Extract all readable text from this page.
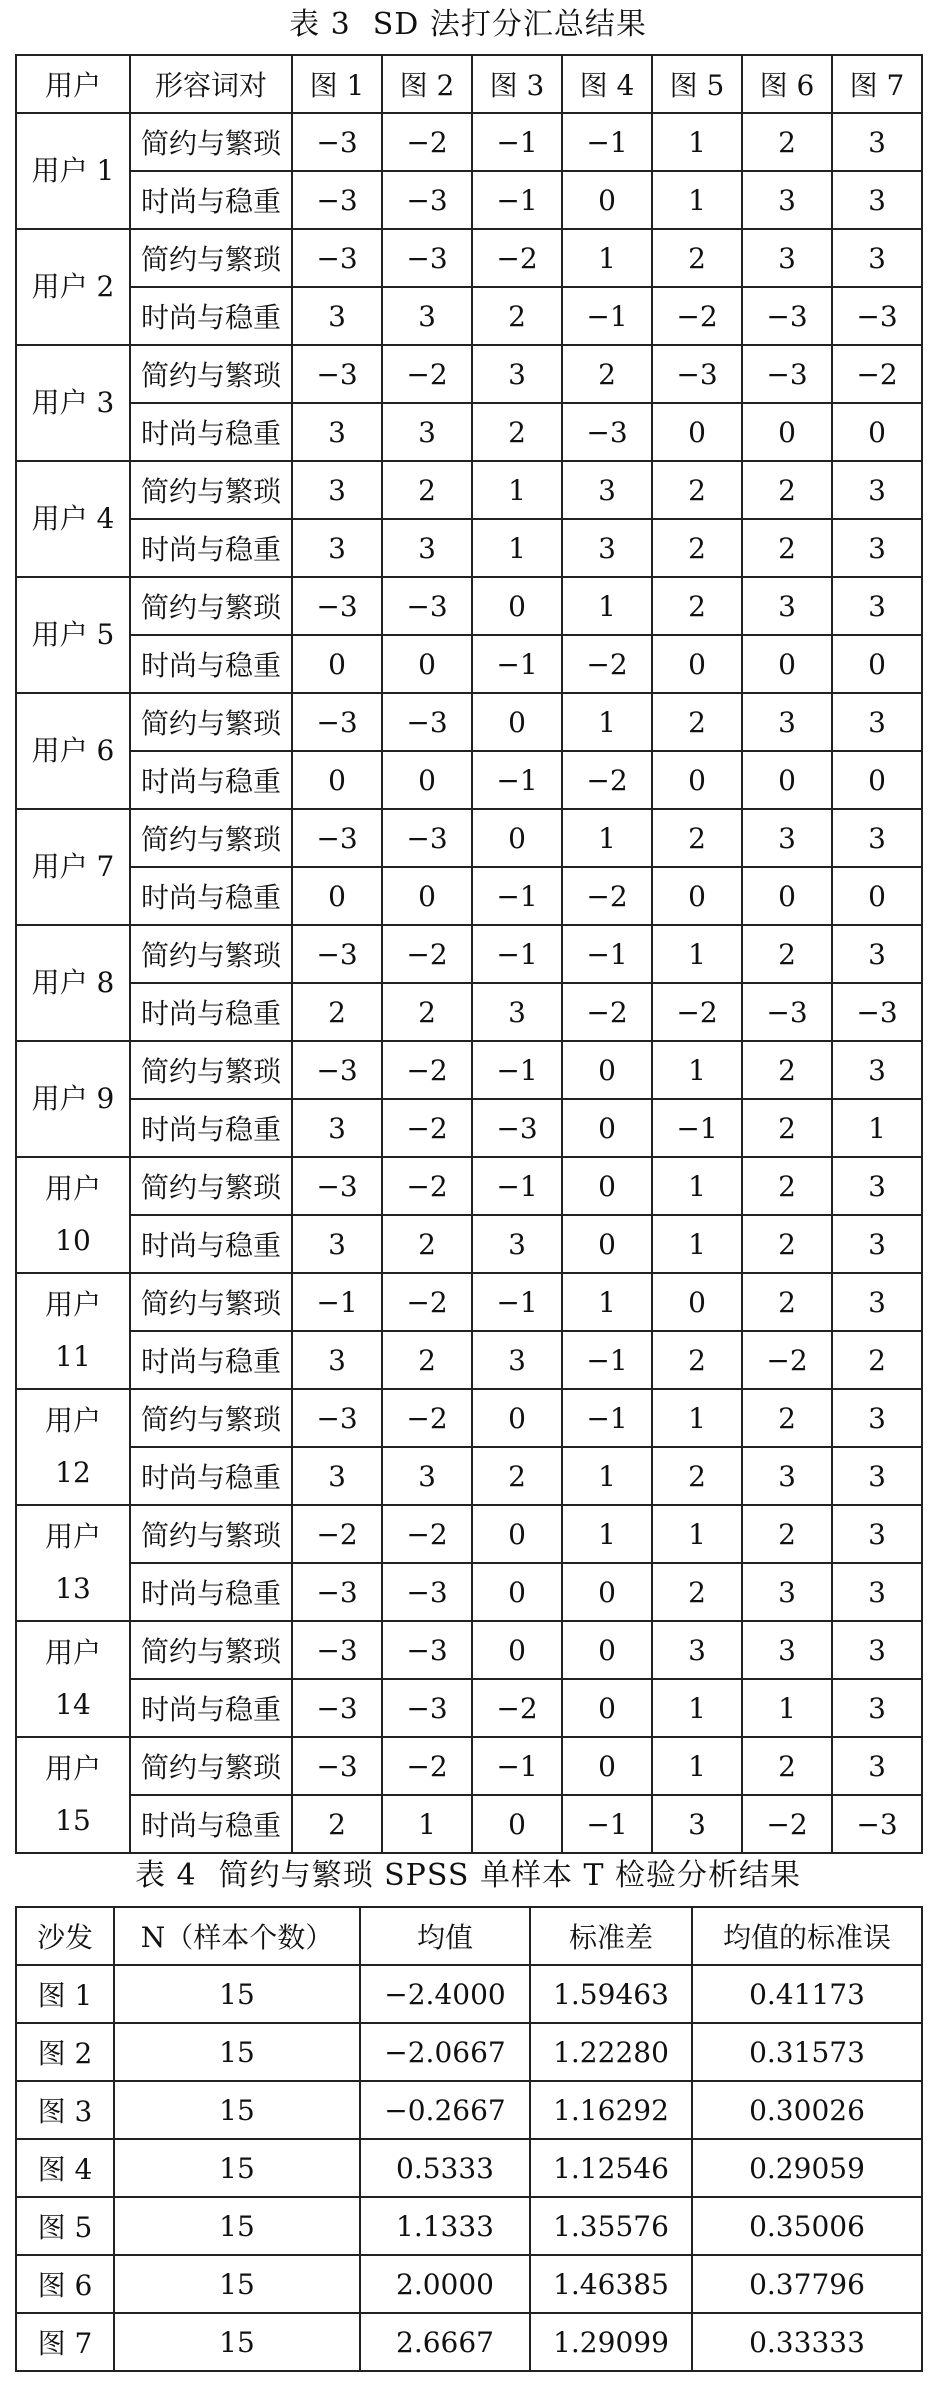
表 3 SD 法打分汇总结果
用户	形容词对	图 1	图 2	图 3	图 4	图 5	图 6	图 7
用户 1	简约与繁琐	−3	−2	−1	−1	1	2	3
	时尚与稳重	−3	−3	−1	0	1	3	3
用户 2	简约与繁琐	−3	−3	−2	1	2	3	3
	时尚与稳重	3	3	2	−1	−2	−3	−3
用户 3	简约与繁琐	−3	−2	3	2	−3	−3	−2
	时尚与稳重	3	3	2	−3	0	0	0
用户 4	简约与繁琐	3	2	1	3	2	2	3
	时尚与稳重	3	3	1	3	2	2	3
用户 5	简约与繁琐	−3	−3	0	1	2	3	3
	时尚与稳重	0	0	−1	−2	0	0	0
用户 6	简约与繁琐	−3	−3	0	1	2	3	3
	时尚与稳重	0	0	−1	−2	0	0	0
用户 7	简约与繁琐	−3	−3	0	1	2	3	3
	时尚与稳重	0	0	−1	−2	0	0	0
用户 8	简约与繁琐	−3	−2	−1	−1	1	2	3
	时尚与稳重	2	2	3	−2	−2	−3	−3
用户 9	简约与繁琐	−3	−2	−1	0	1	2	3
	时尚与稳重	3	−2	−3	0	−1	2	1
用户 10	简约与繁琐	−3	−2	−1	0	1	2	3
	时尚与稳重	3	2	3	0	1	2	3
用户 11	简约与繁琐	−1	−2	−1	1	0	2	3
	时尚与稳重	3	2	3	−1	2	−2	2
用户 12	简约与繁琐	−3	−2	0	−1	1	2	3
	时尚与稳重	3	3	2	1	2	3	3
用户 13	简约与繁琐	−2	−2	0	1	1	2	3
	时尚与稳重	−3	−3	0	0	2	3	3
用户 14	简约与繁琐	−3	−3	0	0	3	3	3
	时尚与稳重	−3	−3	−2	0	1	1	3
用户 15	简约与繁琐	−3	−2	−1	0	1	2	3
	时尚与稳重	2	1	0	−1	3	−2	−3
表 4 简约与繁琐 SPSS 单样本 T 检验分析结果
沙发	N（样本个数）	均值	标准差	均值的标准误
图 1	15	−2.4000	1.59463	0.41173
图 2	15	−2.0667	1.22280	0.31573
图 3	15	−0.2667	1.16292	0.30026
图 4	15	0.5333	1.12546	0.29059
图 5	15	1.1333	1.35576	0.35006
图 6	15	2.0000	1.46385	0.37796
图 7	15	2.6667	1.29099	0.33333
